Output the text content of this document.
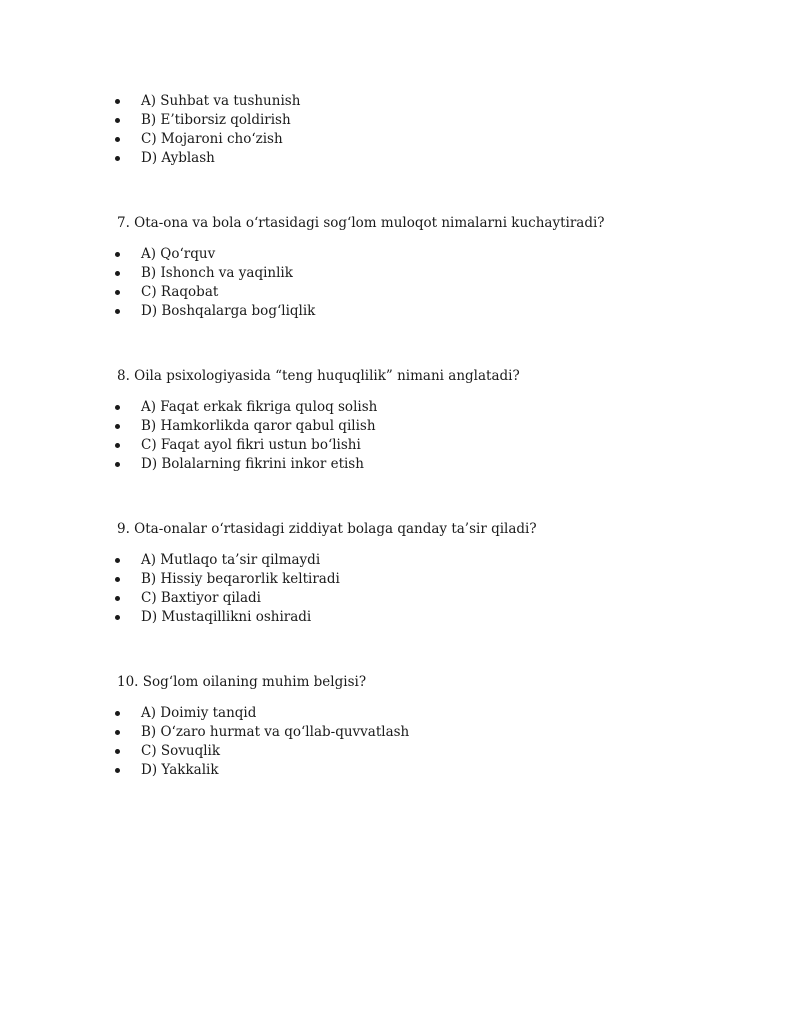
A) Suhbat va tushunish
B) E’tiborsiz qoldirish
C) Mojaroni cho‘zish
D) Ayblash
7. Ota-ona va bola o‘rtasidagi sog‘lom muloqot nimalarni kuchaytiradi?
A) Qo‘rquv
B) Ishonch va yaqinlik
C) Raqobat
D) Boshqalarga bog‘liqlik
8. Oila psixologiyasida “teng huquqlilik” nimani anglatadi?
A) Faqat erkak fikriga quloq solish
B) Hamkorlikda qaror qabul qilish
C) Faqat ayol fikri ustun bo‘lishi
D) Bolalarning fikrini inkor etish
9. Ota-onalar o‘rtasidagi ziddiyat bolaga qanday ta’sir qiladi?
A) Mutlaqo ta’sir qilmaydi
B) Hissiy beqarorlik keltiradi
C) Baxtiyor qiladi
D) Mustaqillikni oshiradi
10. Sog‘lom oilaning muhim belgisi?
A) Doimiy tanqid
B) O‘zaro hurmat va qo‘llab-quvvatlash
C) Sovuqlik
D) Yakkalik
